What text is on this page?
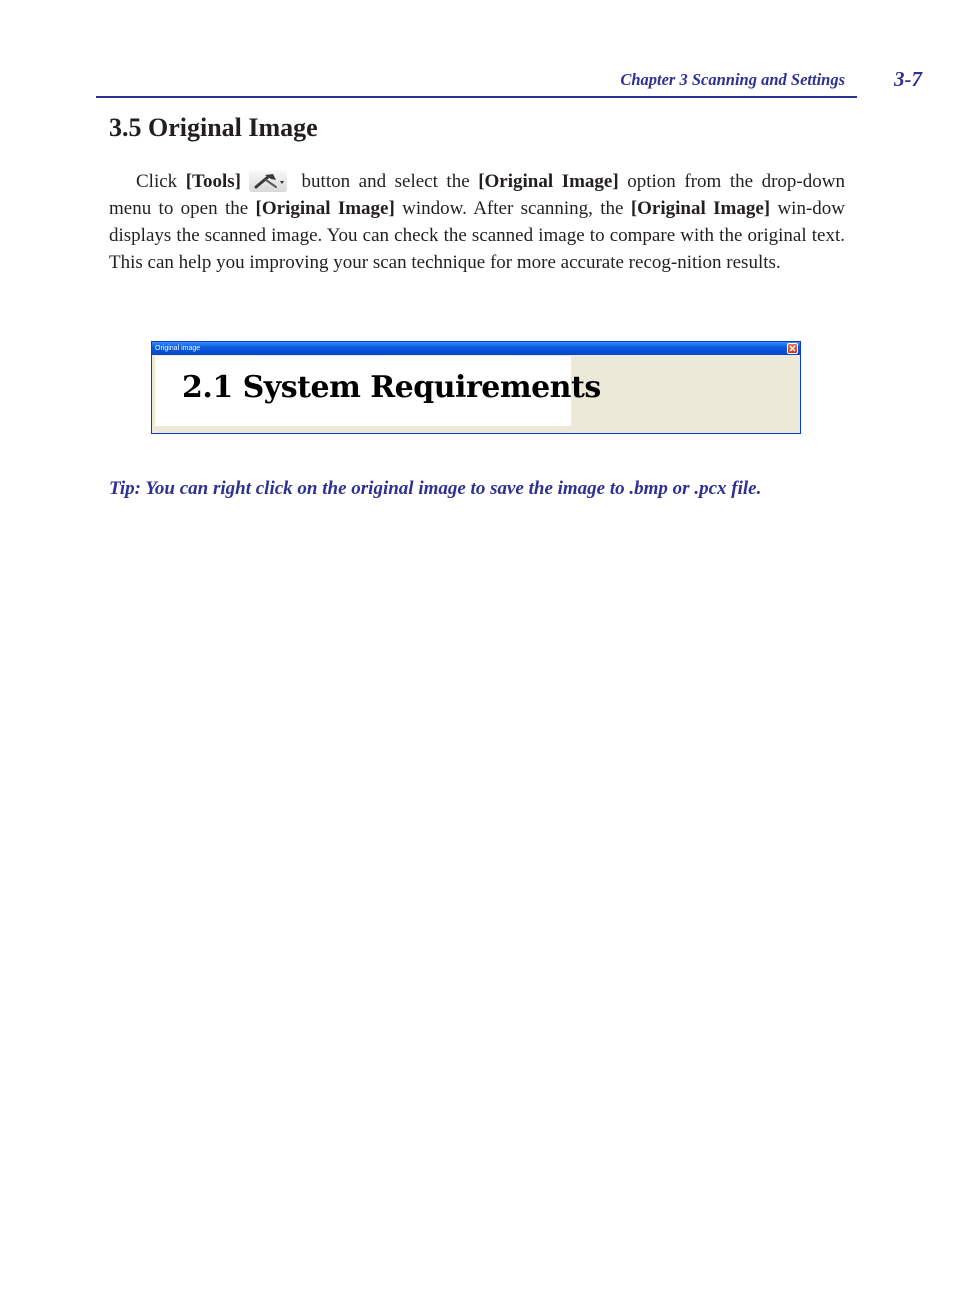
Chapter 3 Scanning and Settings	3-7
3.5 Original Image

Click [Tools]	button and select the [Original Image] option from the drop-down menu to open the [Original Image] window. After scanning, the [Original Image] win-dow displays the scanned image. You can check the scanned image to compare with the original text. This can help you improving your scan technique for more accurate recog-nition results.

Original image
2.1 System Requirements

Tip: You can right click on the original image to save the image to .bmp or .pcx file.
